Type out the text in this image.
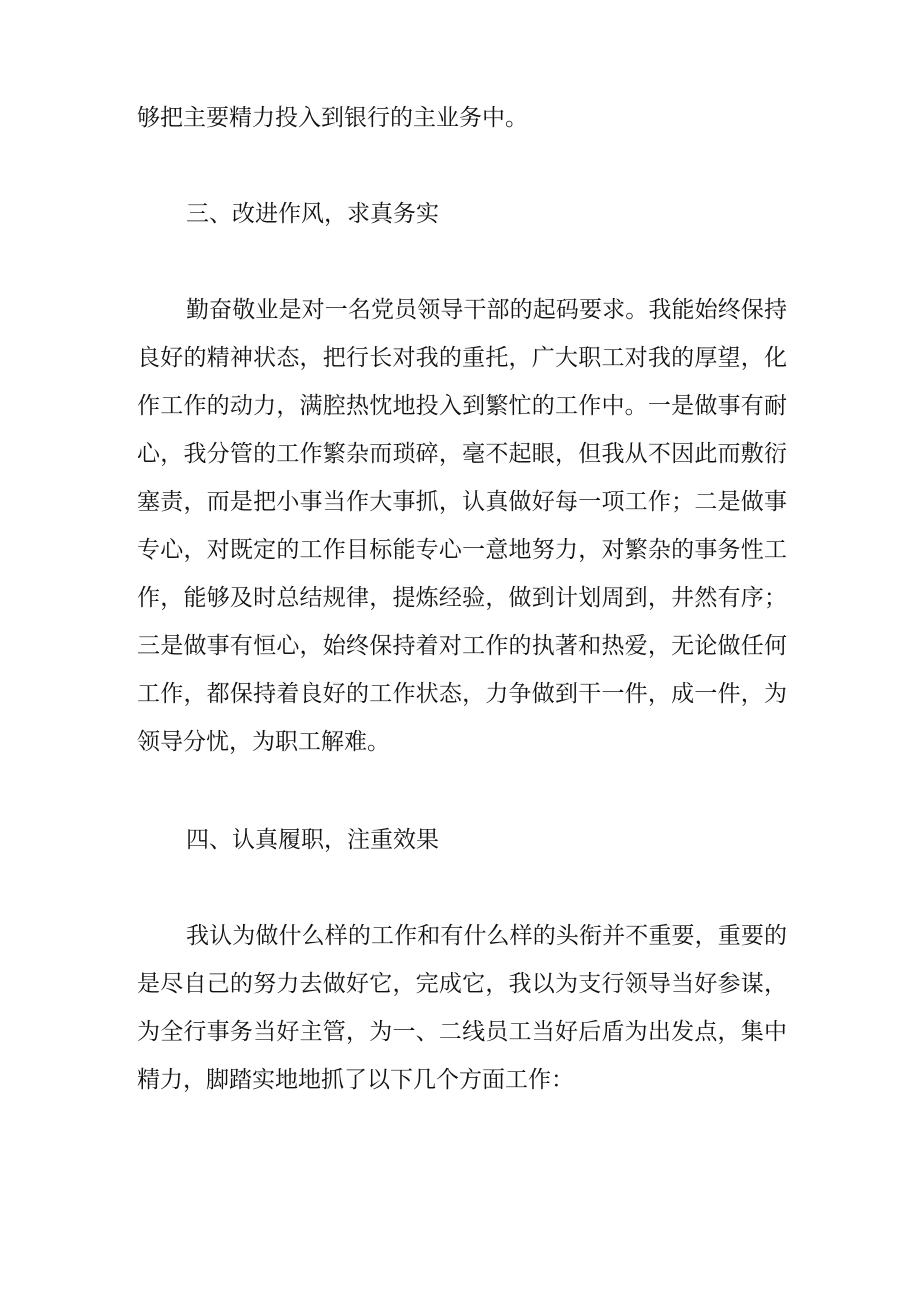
够把主要精力投入到银行的主业务中。
三、改进作风，求真务实
勤奋敬业是对一名党员领导干部的起码要求。我能始终保持
良好的精神状态，把行长对我的重托，广大职工对我的厚望，化
作工作的动力，满腔热忱地投入到繁忙的工作中。一是做事有耐
心，我分管的工作繁杂而琐碎，毫不起眼，但我从不因此而敷衍
塞责，而是把小事当作大事抓，认真做好每一项工作；二是做事
专心，对既定的工作目标能专心一意地努力，对繁杂的事务性工
作，能够及时总结规律，提炼经验，做到计划周到，井然有序；
三是做事有恒心，始终保持着对工作的执著和热爱，无论做任何
工作，都保持着良好的工作状态，力争做到干一件，成一件，为
领导分忧，为职工解难。
四、认真履职，注重效果
我认为做什么样的工作和有什么样的头衔并不重要，重要的
是尽自己的努力去做好它，完成它，我以为支行领导当好参谋，
为全行事务当好主管，为一、二线员工当好后盾为出发点，集中
精力，脚踏实地地抓了以下几个方面工作：
